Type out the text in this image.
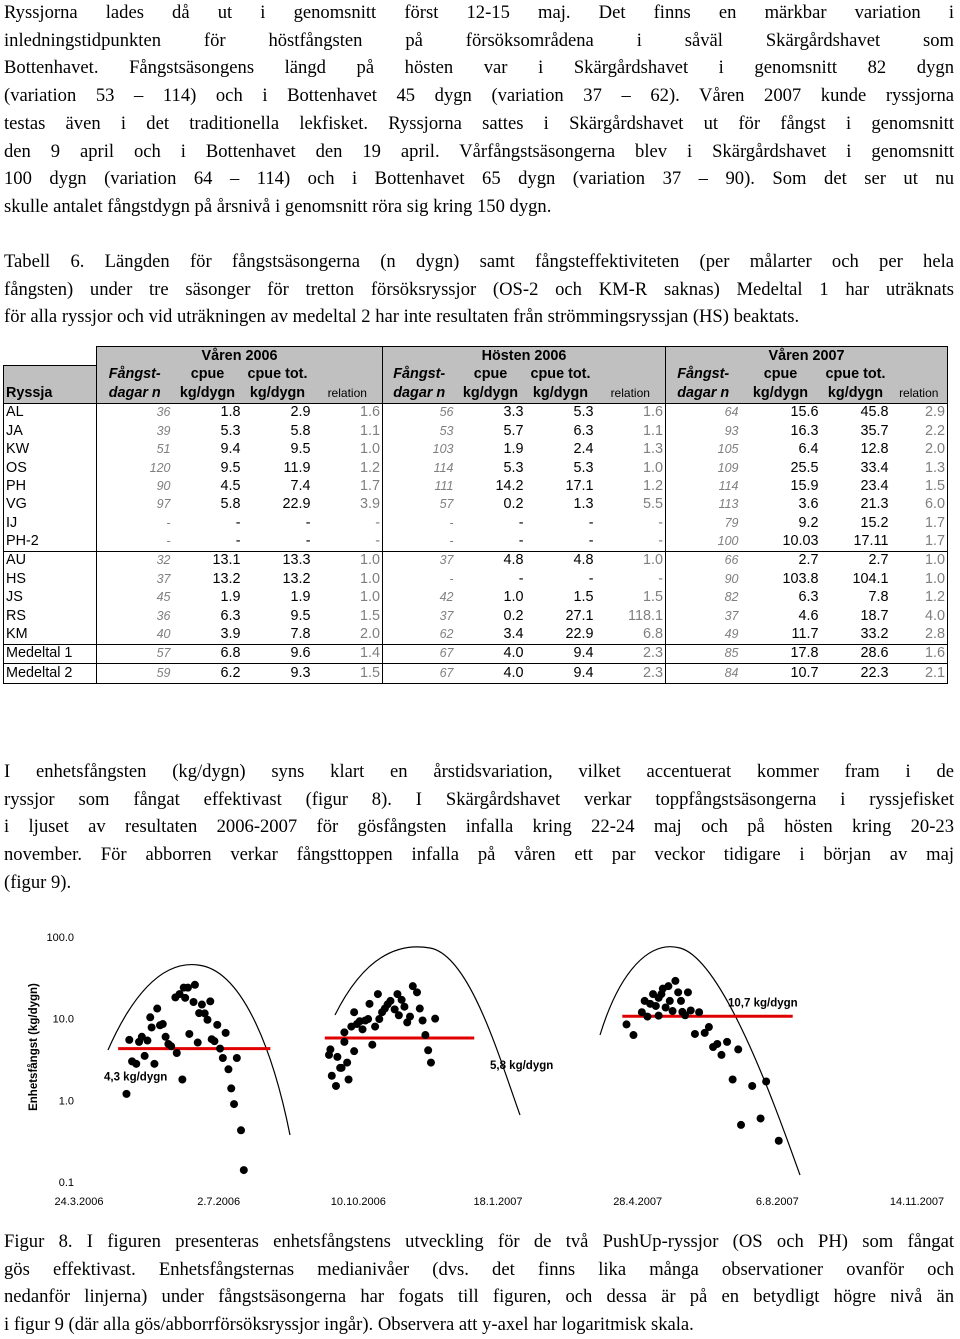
Ryssjorna lades då ut i genomsnitt först 12-15 maj. Det finns en märkbar variation i
inledningstidpunkten för höstfångsten på försöksområdena i såväl Skärgårdshavet som
Bottenhavet. Fångstsäsongens längd på hösten var i Skärgårdshavet i genomsnitt 82 dygn
(variation 53 – 114) och i Bottenhavet 45 dygn (variation 37 – 62). Våren 2007 kunde ryssjorna
testas även i det traditionella lekfisket. Ryssjorna sattes i Skärgårdshavet ut för fångst i genomsnitt
den 9 april och i Bottenhavet den 19 april. Vårfångstsäsongerna blev i Skärgårdshavet i genomsnitt
100 dygn (variation 64 – 114) och i Bottenhavet 65 dygn (variation 37 – 90). Som det ser ut nu
skulle antalet fångstdygn på årsnivå i genomsnitt röra sig kring 150 dygn.
Tabell 6. Längden för fångstsäsongerna (n dygn) samt fångsteffektiviteten (per målarter och per hela
fångsten) under tre säsonger för tretton försöksryssjor (OS-2 och KM-R saknas) Medeltal 1 har uträknats
för alla ryssjor och vid uträkningen av medeltal 2 har inte resultaten från strömmingsryssjan (HS) beaktats.
	Våren 2006				Hösten 2006				Våren 2007			
	Fångst-	cpue	cpue tot.		Fångst-	cpue	cpue tot.		Fångst-	cpue	cpue tot.	
Ryssja	dagar n	kg/dygn	kg/dygn	relation	dagar n	kg/dygn	kg/dygn	relation	dagar n	kg/dygn	kg/dygn	relation
AL	36	1.8	2.9	1.6	56	3.3	5.3	1.6	64	15.6	45.8	2.9
JA	39	5.3	5.8	1.1	53	5.7	6.3	1.1	93	16.3	35.7	2.2
KW	51	9.4	9.5	1.0	103	1.9	2.4	1.3	105	6.4	12.8	2.0
OS	120	9.5	11.9	1.2	114	5.3	5.3	1.0	109	25.5	33.4	1.3
PH	90	4.5	7.4	1.7	111	14.2	17.1	1.2	114	15.9	23.4	1.5
VG	97	5.8	22.9	3.9	57	0.2	1.3	5.5	113	3.6	21.3	6.0
IJ	-	-	-	-	-	-	-	-	79	9.2	15.2	1.7
PH-2	-	-	-	-	-	-	-	-	100	10.03	17.11	1.7
AU	32	13.1	13.3	1.0	37	4.8	4.8	1.0	66	2.7	2.7	1.0
HS	37	13.2	13.2	1.0	-	-	-	-	90	103.8	104.1	1.0
JS	45	1.9	1.9	1.0	42	1.0	1.5	1.5	82	6.3	7.8	1.2
RS	36	6.3	9.5	1.5	37	0.2	27.1	118.1	37	4.6	18.7	4.0
KM	40	3.9	7.8	2.0	62	3.4	22.9	6.8	49	11.7	33.2	2.8
Medeltal 1	57	6.8	9.6	1.4	67	4.0	9.4	2.3	85	17.8	28.6	1.6
Medeltal 2	59	6.2	9.3	1.5	67	4.0	9.4	2.3	84	10.7	22.3	2.1
I enhetsfångsten (kg/dygn) syns klart en årstidsvariation, vilket accentuerat kommer fram i de
ryssjor som fångat effektivast (figur 8). I Skärgårdshavet verkar toppfångstsäsongerna i ryssjefisket
i ljuset av resultaten 2006-2007 för gösfångsten infalla kring 22-24 maj och på hösten kring 20-23
november. För abborren verkar fångsttoppen infalla på våren ett par veckor tidigare i början av maj
(figur 9).
Enhetsfångst (kg/dygn)
100.0
10.0
1.0
0.1
24.3.2006	2.7.2006	10.10.2006	18.1.2007	28.4.2007	6.8.2007	14.11.2007
4,3 kg/dygn
5,8 kg/dygn
10,7 kg/dygn
Figur 8. I figuren presenteras enhetsfångstens utveckling för de två PushUp-ryssjor (OS och PH) som fångat
gös effektivast. Enhetsfångsternas medianivåer (dvs. det finns lika många observationer ovanför och
nedanför linjerna) under fångstsäsongerna har fogats till figuren, och dessa är på en betydligt högre nivå än
i figur 9 (där alla gös/abborrförsöksryssjor ingår). Observera att y-axel har logaritmisk skala.
